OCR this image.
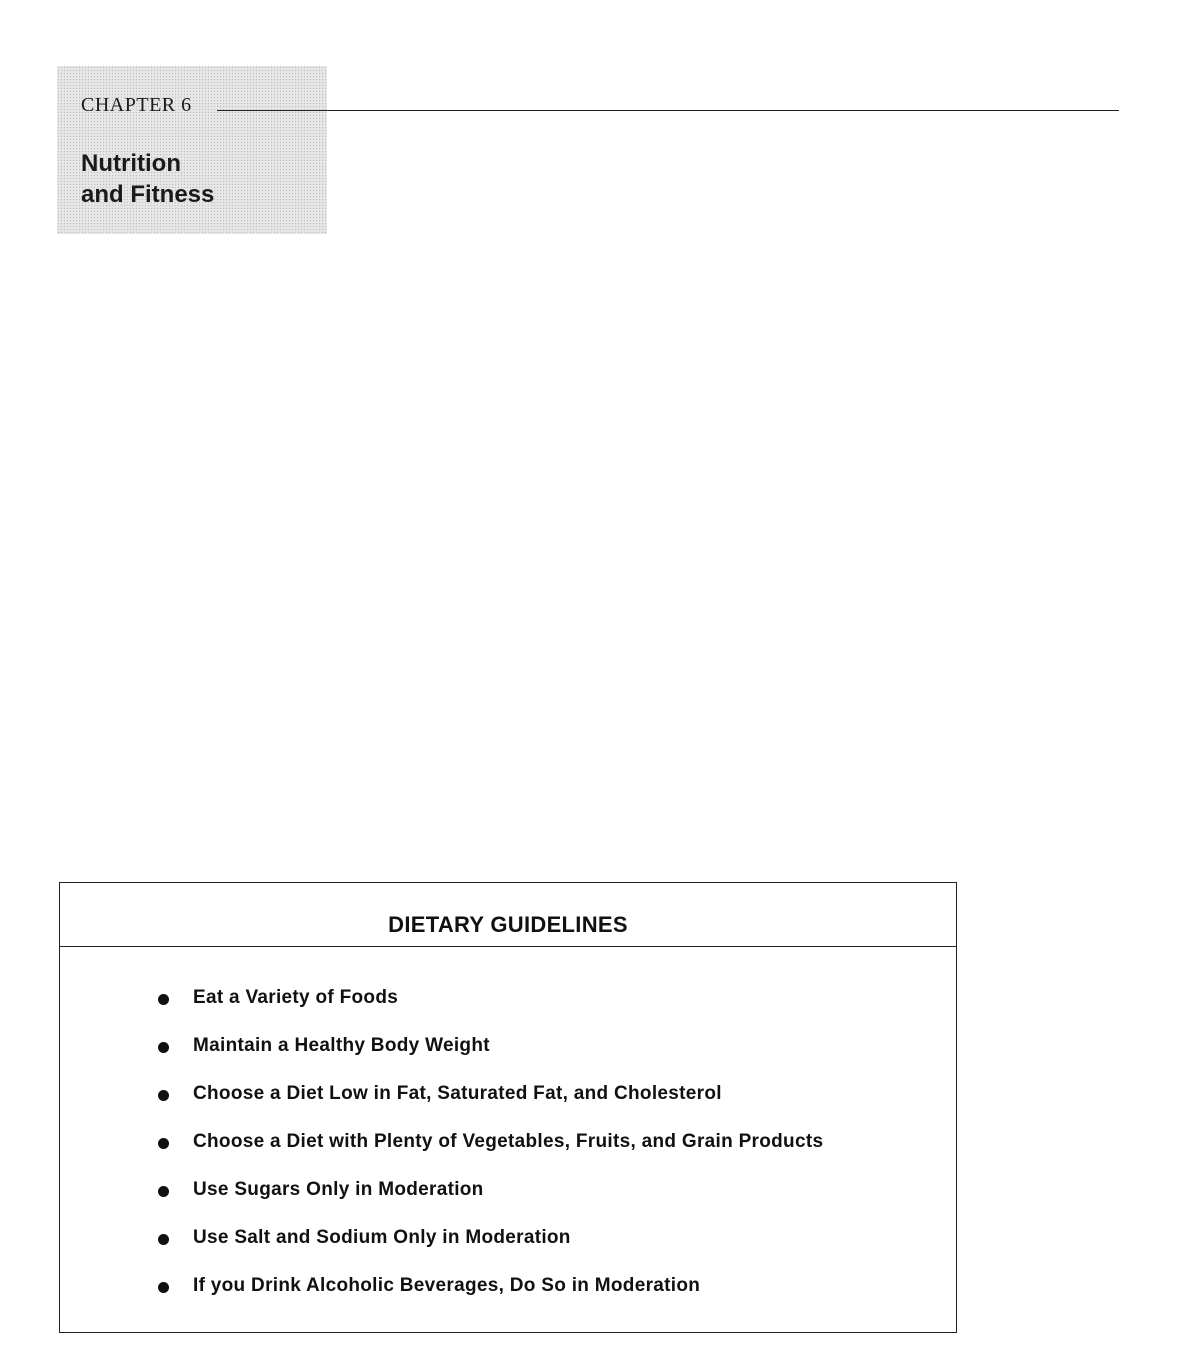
CHAPTER 6
Nutrition
and Fitness
DIETARY GUIDELINES
Eat a Variety of Foods
Maintain a Healthy Body Weight
Choose a Diet Low in Fat, Saturated Fat, and Cholesterol
Choose a Diet with Plenty of Vegetables, Fruits, and Grain Products
Use Sugars Only in Moderation
Use Salt and Sodium Only in Moderation
If you Drink Alcoholic Beverages, Do So in Moderation
